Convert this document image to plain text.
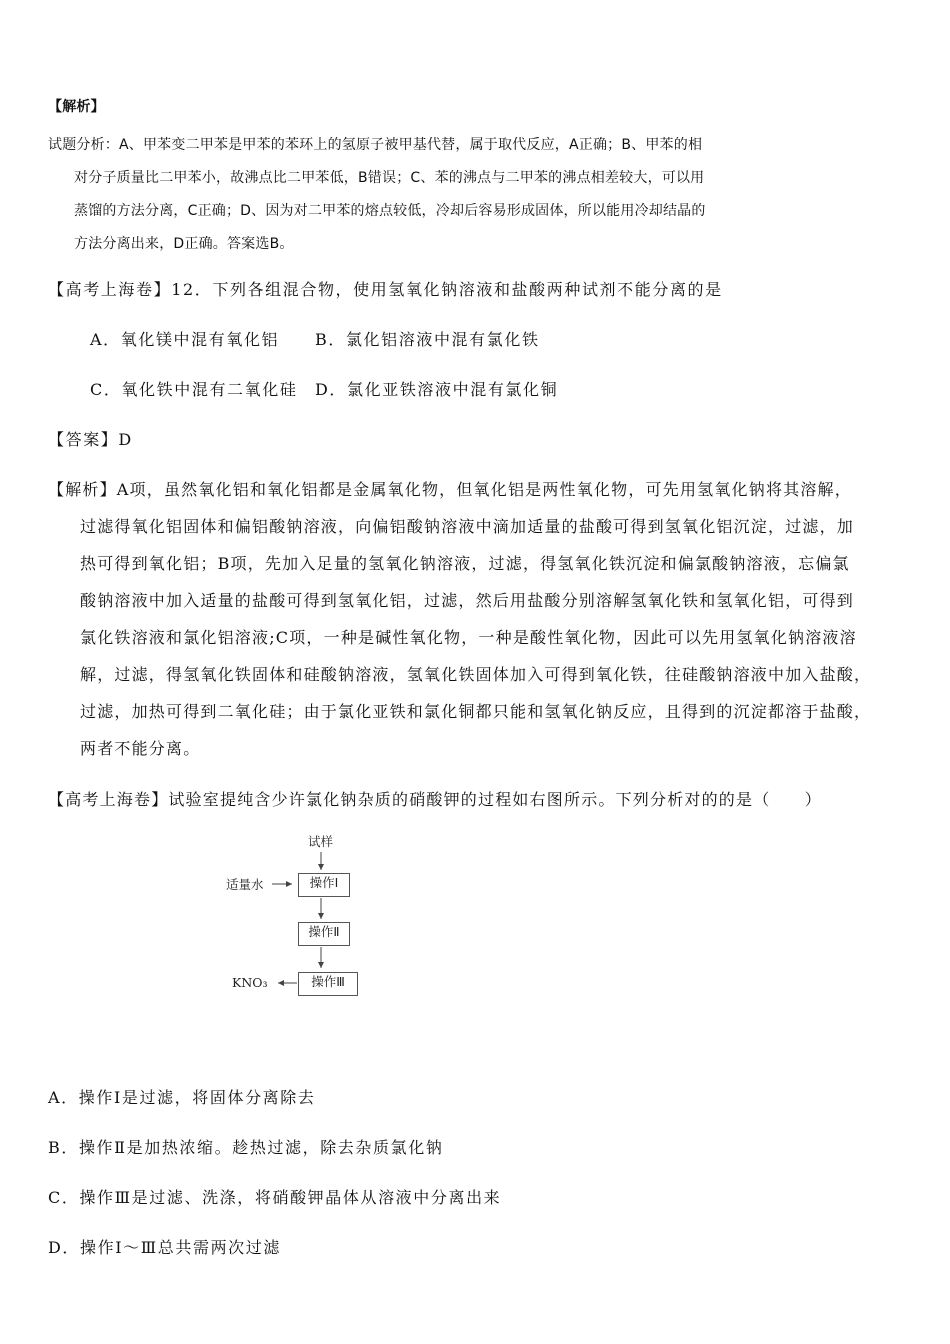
【解析】
试题分析：A、甲苯变二甲苯是甲苯的苯环上的氢原子被甲基代替，属于取代反应，A正确；B、甲苯的相
对分子质量比二甲苯小，故沸点比二甲苯低，B错误；C、苯的沸点与二甲苯的沸点相差较大，可以用
蒸馏的方法分离，C正确；D、因为对二甲苯的熔点较低，冷却后容易形成固体，所以能用冷却结晶的
方法分离出来，D正确。答案选B。
【高考上海卷】12．下列各组混合物，使用氢氧化钠溶液和盐酸两种试剂不能分离的是
A．氧化镁中混有氧化铝 B．氯化铝溶液中混有氯化铁
C．氧化铁中混有二氧化硅 D．氯化亚铁溶液中混有氯化铜
【答案】D
【解析】A项，虽然氧化铝和氧化铝都是金属氧化物，但氧化铝是两性氧化物，可先用氢氧化钠将其溶解，
过滤得氧化铝固体和偏铝酸钠溶液，向偏铝酸钠溶液中滴加适量的盐酸可得到氢氧化铝沉淀，过滤，加
热可得到氧化铝；B项，先加入足量的氢氧化钠溶液，过滤，得氢氧化铁沉淀和偏氯酸钠溶液，忘偏氯
酸钠溶液中加入适量的盐酸可得到氢氧化铝，过滤，然后用盐酸分别溶解氢氧化铁和氢氧化铝，可得到
氯化铁溶液和氯化铝溶液;C项，一种是碱性氧化物，一种是酸性氧化物，因此可以先用氢氧化钠溶液溶
解，过滤，得氢氧化铁固体和硅酸钠溶液，氢氧化铁固体加入可得到氧化铁，往硅酸钠溶液中加入盐酸，
过滤，加热可得到二氧化硅；由于氯化亚铁和氯化铜都只能和氢氧化钠反应，且得到的沉淀都溶于盐酸，
两者不能分离。
【高考上海卷】试验室提纯含少许氯化钠杂质的硝酸钾的过程如右图所示。下列分析对的的是（　　）
试样
适量水	操作Ⅰ
操作Ⅱ
操作Ⅲ
KNO₃
A．操作Ⅰ是过滤，将固体分离除去
B．操作Ⅱ是加热浓缩。趁热过滤，除去杂质氯化钠
C．操作Ⅲ是过滤、洗涤，将硝酸钾晶体从溶液中分离出来
D．操作Ⅰ～Ⅲ总共需两次过滤
